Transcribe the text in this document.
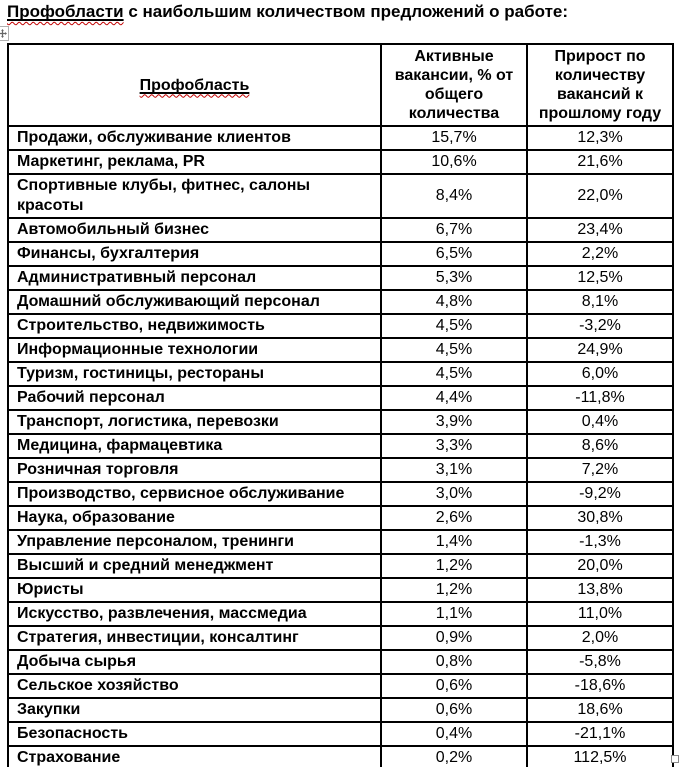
Профобласти с наибольшим количеством предложений о работе:
Профобласть	Активные вакансии, % от общего количества	Прирост по количеству вакансий к прошлому году
Продажи, обслуживание клиентов	15,7%	12,3%
Маркетинг, реклама, PR	10,6%	21,6%
Спортивные клубы, фитнес, салоны красоты	8,4%	22,0%
Автомобильный бизнес	6,7%	23,4%
Финансы, бухгалтерия	6,5%	2,2%
Административный персонал	5,3%	12,5%
Домашний обслуживающий персонал	4,8%	8,1%
Строительство, недвижимость	4,5%	-3,2%
Информационные технологии	4,5%	24,9%
Туризм, гостиницы, рестораны	4,5%	6,0%
Рабочий персонал	4,4%	-11,8%
Транспорт, логистика, перевозки	3,9%	0,4%
Медицина, фармацевтика	3,3%	8,6%
Розничная торговля	3,1%	7,2%
Производство, сервисное обслуживание	3,0%	-9,2%
Наука, образование	2,6%	30,8%
Управление персоналом, тренинги	1,4%	-1,3%
Высший и средний менеджмент	1,2%	20,0%
Юристы	1,2%	13,8%
Искусство, развлечения, массмедиа	1,1%	11,0%
Стратегия, инвестиции, консалтинг	0,9%	2,0%
Добыча сырья	0,8%	-5,8%
Сельское хозяйство	0,6%	-18,6%
Закупки	0,6%	18,6%
Безопасность	0,4%	-21,1%
Страхование	0,2%	112,5%
